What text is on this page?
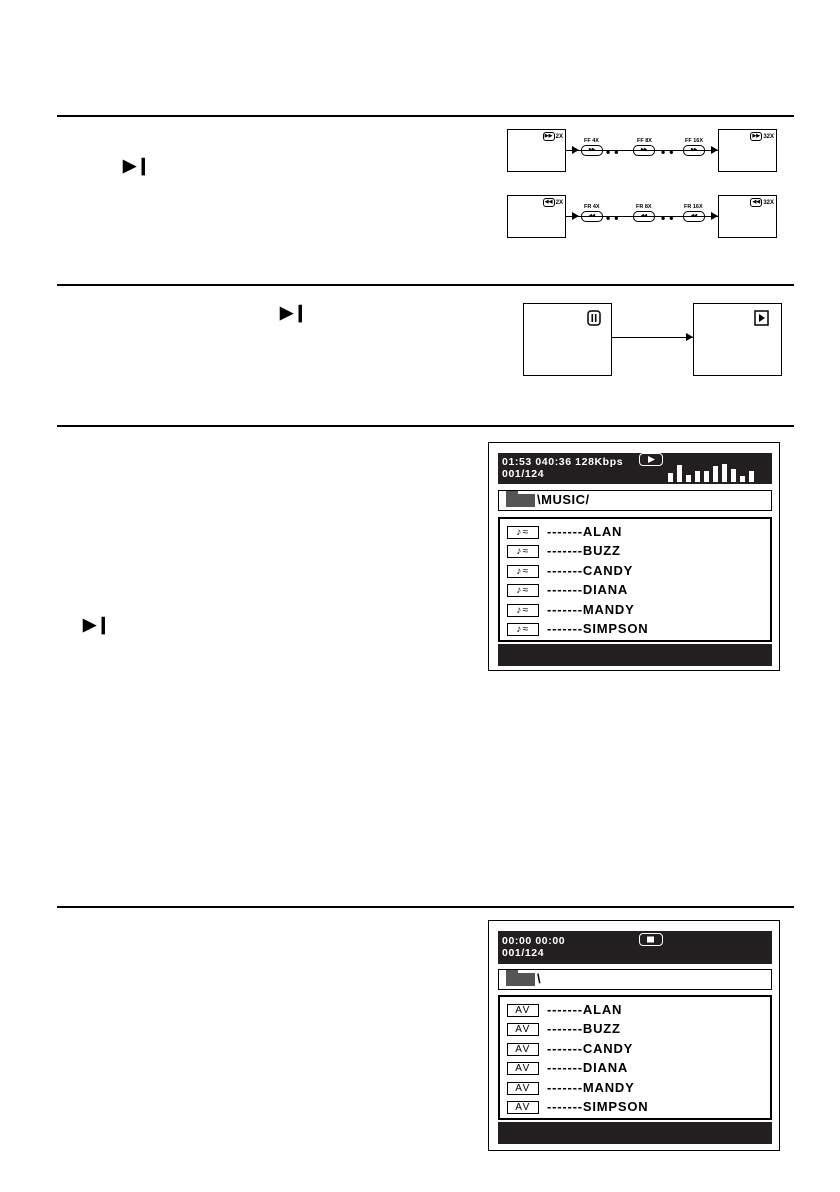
▶❙
▶❙
▶❙
▶▶ 2X
FF 4X
▸▸ ••
FF 8X
▸▸	••
FF 16X
▸▸
▶▶ 32X
◀◀ 2X
FR 4X
◂◂ ••
FR 8X
◂◂	••
FR 16X
◂◂
◀◀ 32X
01:53 040:36 128Kbps
001/124
\MUSIC/
♪≈	-------ALAN
♪≈	-------BUZZ
♪≈	-------CANDY
♪≈	-------DIANA
♪≈	-------MANDY
♪≈	-------SIMPSON
00:00 00:00
001/124
\
AV	-------ALAN
AV	-------BUZZ
AV	-------CANDY
AV	-------DIANA
AV	-------MANDY
AV	-------SIMPSON
